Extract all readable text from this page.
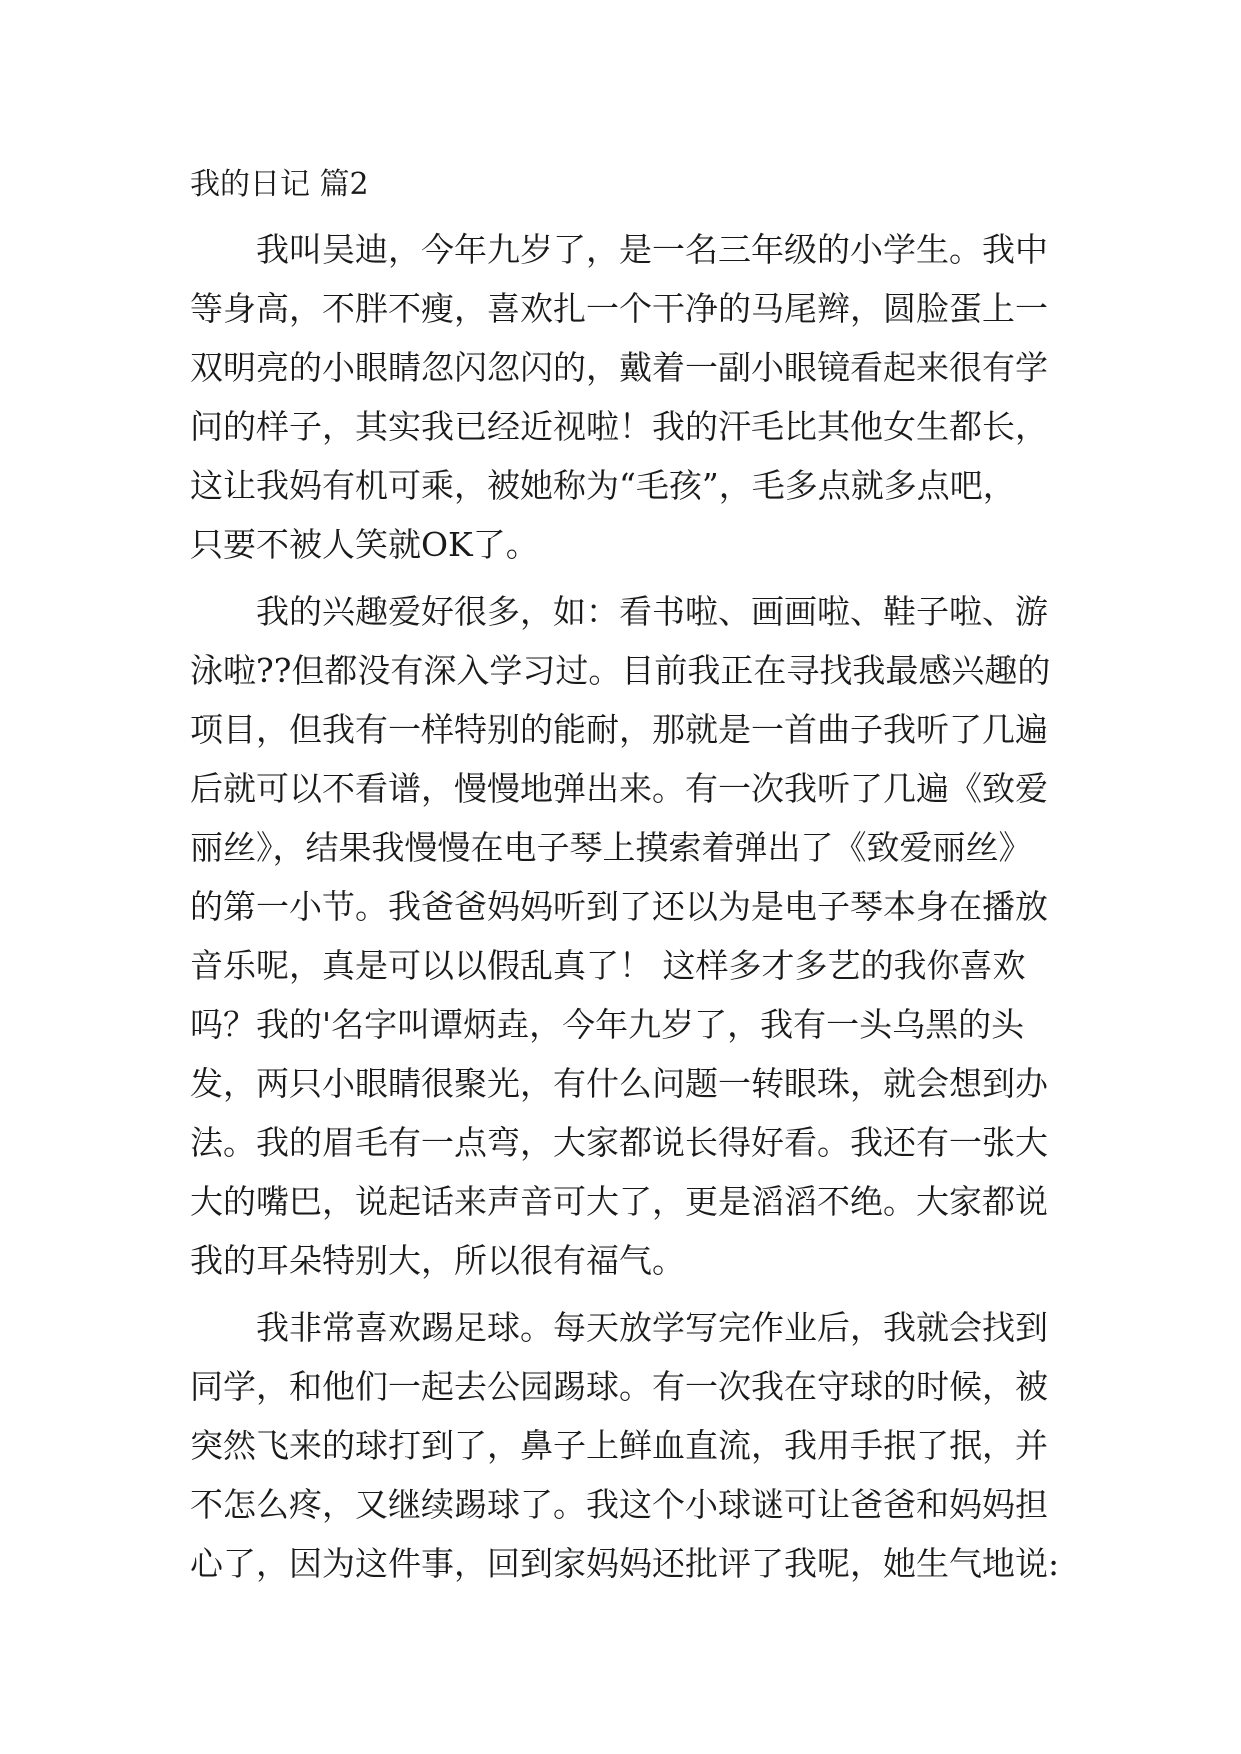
我的日记 篇2
我叫吴迪，今年九岁了，是一名三年级的小学生。我中
等身高，不胖不瘦，喜欢扎一个干净的马尾辫，圆脸蛋上一
双明亮的小眼睛忽闪忽闪的，戴着一副小眼镜看起来很有学
问的样子，其实我已经近视啦！我的汗毛比其他女生都长，
这让我妈有机可乘，被她称为“毛孩”，毛多点就多点吧，
只要不被人笑就OK了。
我的兴趣爱好很多，如：看书啦、画画啦、鞋子啦、游
泳啦??但都没有深入学习过。目前我正在寻找我最感兴趣的
项目，但我有一样特别的能耐，那就是一首曲子我听了几遍
后就可以不看谱，慢慢地弹出来。有一次我听了几遍《致爱
丽丝》，结果我慢慢在电子琴上摸索着弹出了《致爱丽丝》
的第一小节。我爸爸妈妈听到了还以为是电子琴本身在播放
音乐呢，真是可以以假乱真了！ 这样多才多艺的我你喜欢
吗？我的'名字叫谭炳垚，今年九岁了，我有一头乌黑的头
发，两只小眼睛很聚光，有什么问题一转眼珠，就会想到办
法。我的眉毛有一点弯，大家都说长得好看。我还有一张大
大的嘴巴，说起话来声音可大了，更是滔滔不绝。大家都说
我的耳朵特别大，所以很有福气。
我非常喜欢踢足球。每天放学写完作业后，我就会找到
同学，和他们一起去公园踢球。有一次我在守球的时候，被
突然飞来的球打到了，鼻子上鲜血直流，我用手抿了抿，并
不怎么疼，又继续踢球了。我这个小球谜可让爸爸和妈妈担
心了，因为这件事，回到家妈妈还批评了我呢，她生气地说:
